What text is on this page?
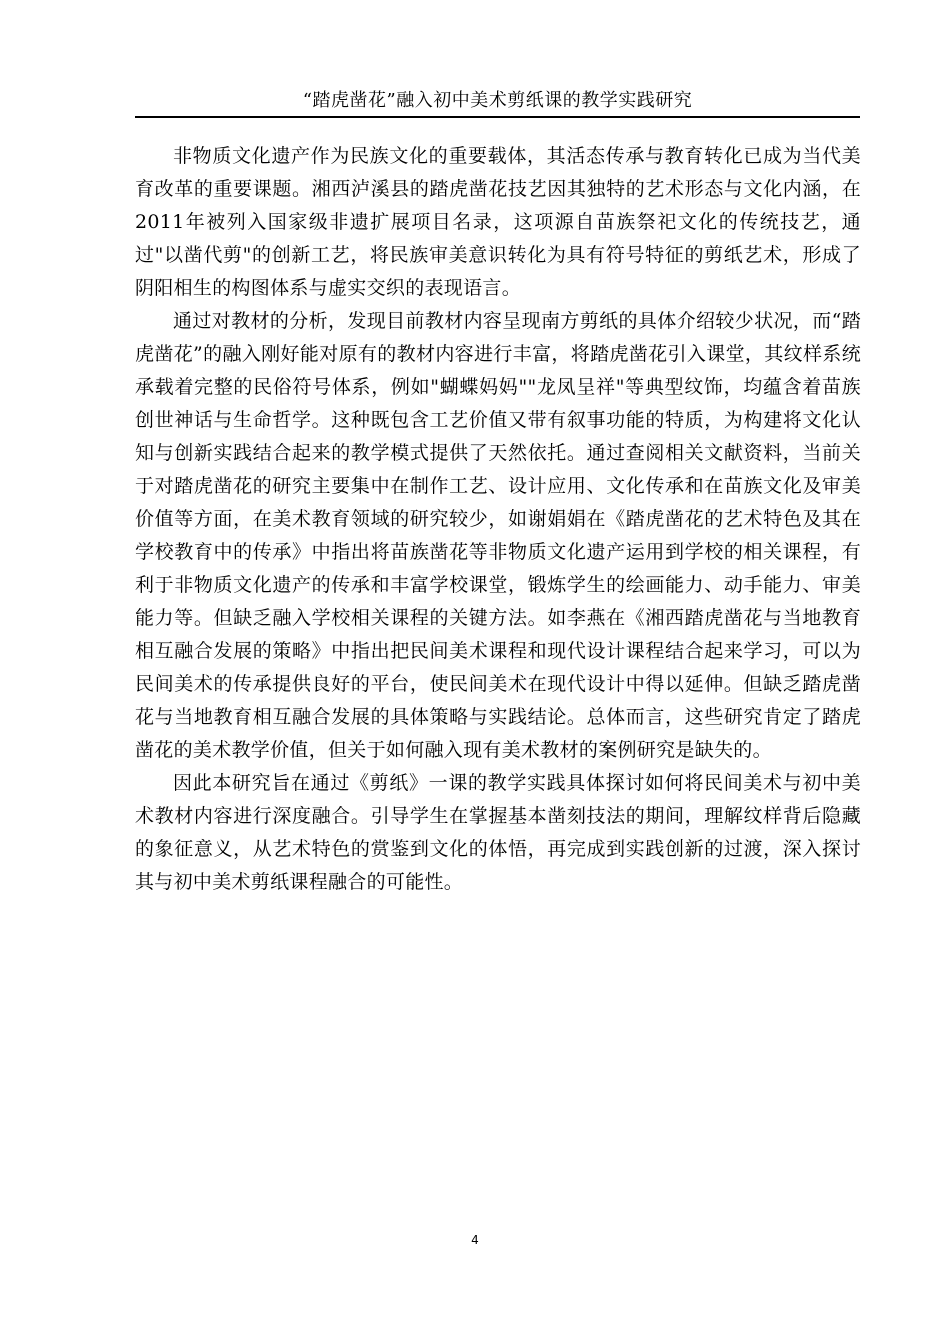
“踏虎凿花”融入初中美术剪纸课的教学实践研究

非物质文化遗产作为民族文化的重要载体，其活态传承与教育转化已成为当代美育改革的重要课题。湘西泸溪县的踏虎凿花技艺因其独特的艺术形态与文化内涵，在2011年被列入国家级非遗扩展项目名录，这项源自苗族祭祀文化的传统技艺，通过"以凿代剪"的创新工艺，将民族审美意识转化为具有符号特征的剪纸艺术，形成了阴阳相生的构图体系与虚实交织的表现语言。

通过对教材的分析，发现目前教材内容呈现南方剪纸的具体介绍较少状况，而“踏虎凿花”的融入刚好能对原有的教材内容进行丰富，将踏虎凿花引入课堂，其纹样系统承载着完整的民俗符号体系，例如"蝴蝶妈妈""龙凤呈祥"等典型纹饰，均蕴含着苗族创世神话与生命哲学。这种既包含工艺价值又带有叙事功能的特质，为构建将文化认知与创新实践结合起来的教学模式提供了天然依托。通过查阅相关文献资料，当前关于对踏虎凿花的研究主要集中在制作工艺、设计应用、文化传承和在苗族文化及审美价值等方面，在美术教育领域的研究较少，如谢娟娟在《踏虎凿花的艺术特色及其在学校教育中的传承》中指出将苗族凿花等非物质文化遗产运用到学校的相关课程，有利于非物质文化遗产的传承和丰富学校课堂，锻炼学生的绘画能力、动手能力、审美能力等。但缺乏融入学校相关课程的关键方法。如李燕在《湘西踏虎凿花与当地教育相互融合发展的策略》中指出把民间美术课程和现代设计课程结合起来学习，可以为民间美术的传承提供良好的平台，使民间美术在现代设计中得以延伸。但缺乏踏虎凿花与当地教育相互融合发展的具体策略与实践结论。总体而言，这些研究肯定了踏虎凿花的美术教学价值，但关于如何融入现有美术教材的案例研究是缺失的。

因此本研究旨在通过《剪纸》一课的教学实践具体探讨如何将民间美术与初中美术教材内容进行深度融合。引导学生在掌握基本凿刻技法的期间，理解纹样背后隐藏的象征意义，从艺术特色的赏鉴到文化的体悟，再完成到实践创新的过渡，深入探讨其与初中美术剪纸课程融合的可能性。

4
